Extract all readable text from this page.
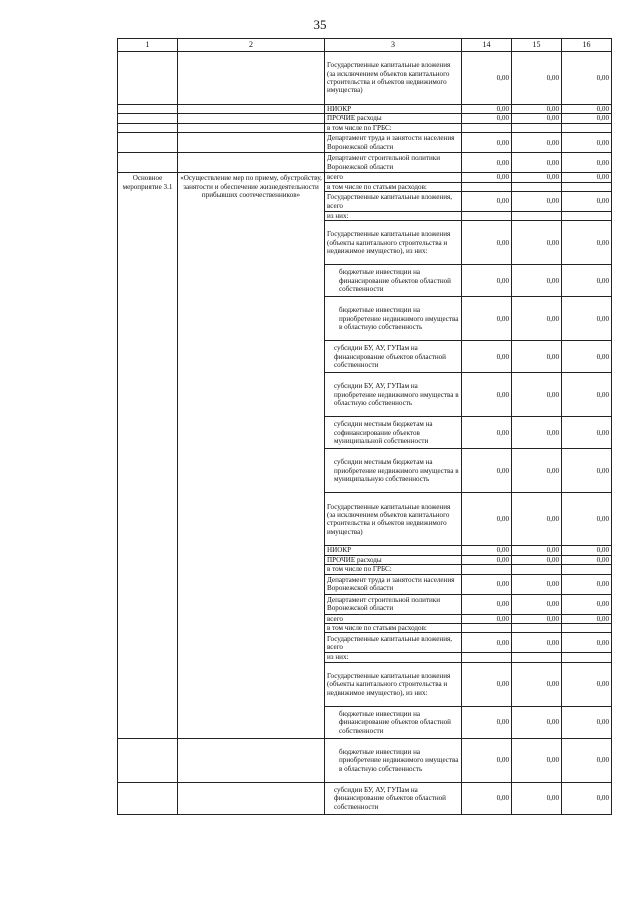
35
1	2	3	14	15	16
		Государственные капитальные вложения (за исключением объектов капитального строительства и объектов недвижимого имущества)	0,00	0,00	0,00
		НИОКР	0,00	0,00	0,00
		ПРОЧИЕ расходы	0,00	0,00	0,00
		в том числе по ГРБС:			
		Департамент труда и занятости населения Воронежской области	0,00	0,00	0,00
		Департамент строительной политики Воронежской области	0,00	0,00	0,00
Основное мероприятие 3.1	«Осуществление мер по приему, обустройству, занятости и обеспечение жизнедеятельности прибывших соотечественников»	всего	0,00	0,00	0,00
		в том числе по статьям расходов:			
		Государственные капитальные вложения, всего	0,00	0,00	0,00
		из них:			
		Государственные капитальные вложения (объекты капитального строительства и недвижимое имущество), из них:	0,00	0,00	0,00
		бюджетные инвестиции на финансирование объектов областной собственности	0,00	0,00	0,00
		бюджетные инвестиции на приобретение недвижимого имущества в областную собственность	0,00	0,00	0,00
		субсидии БУ, АУ, ГУПам на финансирование объектов областной собственности	0,00	0,00	0,00
		субсидии БУ, АУ, ГУПам на приобретение недвижимого имущества в областную собственность	0,00	0,00	0,00
		субсидии местным бюджетам на софинансирование объектов муниципальной собственности	0,00	0,00	0,00
		субсидии местным бюджетам на приобретение недвижимого имущества в муниципальную собственность	0,00	0,00	0,00
		Государственные капитальные вложения (за исключением объектов капитального строительства и объектов недвижимого имущества)	0,00	0,00	0,00
		НИОКР	0,00	0,00	0,00
		ПРОЧИЕ расходы	0,00	0,00	0,00
		в том числе по ГРБС:			
		Департамент труда и занятости населения Воронежской области	0,00	0,00	0,00
		Департамент строительной политики Воронежской области	0,00	0,00	0,00
		всего	0,00	0,00	0,00
		в том числе по статьям расходов:			
		Государственные капитальные вложения, всего	0,00	0,00	0,00
		из них:			
		Государственные капитальные вложения (объекты капитального строительства и недвижимое имущество), из них:	0,00	0,00	0,00
		бюджетные инвестиции на финансирование объектов областной собственности	0,00	0,00	0,00
		бюджетные инвестиции на приобретение недвижимого имущества в областную собственность	0,00	0,00	0,00
		субсидии БУ, АУ, ГУПам на финансирование объектов областной собственности	0,00	0,00	0,00
